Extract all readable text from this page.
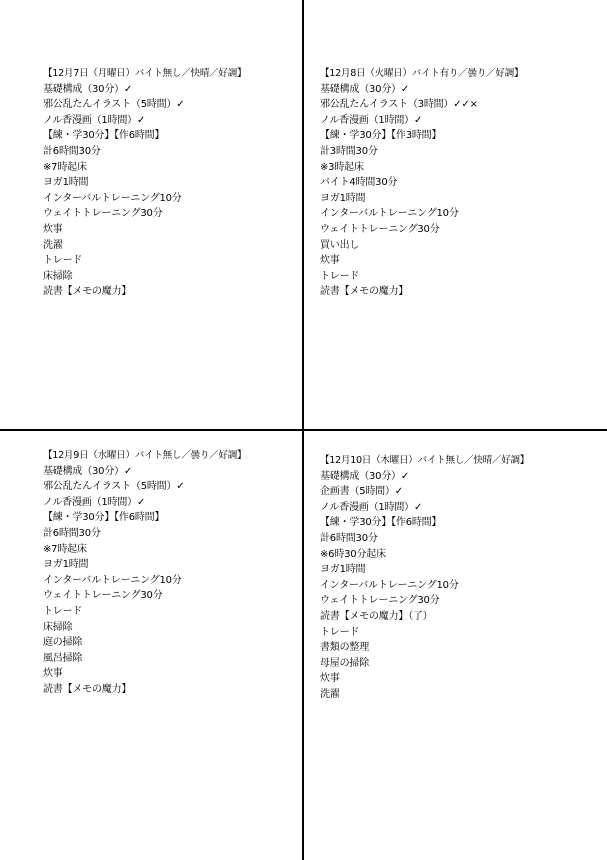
【12月7日（月曜日）バイト無し／快晴／好調】
基礎構成（30分）✓
邪公乱たんイラスト（5時間）✓
ノル香漫画（1時間）✓
【練・学30分】【作6時間】
計6時間30分
※7時起床
ヨガ1時間
インターバルトレーニング10分
ウェイトトレーニング30分
炊事
洗濯
トレード
床掃除
読書【メモの魔力】
【12月8日（火曜日）バイト有り／曇り／好調】
基礎構成（30分）✓
邪公乱たんイラスト（3時間）✓✓×
ノル香漫画（1時間）✓
【練・学30分】【作3時間】
計3時間30分
※3時起床
バイト4時間30分
ヨガ1時間
インターバルトレーニング10分
ウェイトトレーニング30分
買い出し
炊事
トレード
読書【メモの魔力】
【12月9日（水曜日）バイト無し／曇り／好調】
基礎構成（30分）✓
邪公乱たんイラスト（5時間）✓
ノル香漫画（1時間）✓
【練・学30分】【作6時間】
計6時間30分
※7時起床
ヨガ1時間
インターバルトレーニング10分
ウェイトトレーニング30分
トレード
床掃除
庭の掃除
風呂掃除
炊事
読書【メモの魔力】
【12月10日（木曜日）バイト無し／快晴／好調】
基礎構成（30分）✓
企画書（5時間）✓
ノル香漫画（1時間）✓
【練・学30分】【作6時間】
計6時間30分
※6時30分起床
ヨガ1時間
インターバルトレーニング10分
ウェイトトレーニング30分
読書【メモの魔力】（了）
トレード
書類の整理
母屋の掃除
炊事
洗濯
